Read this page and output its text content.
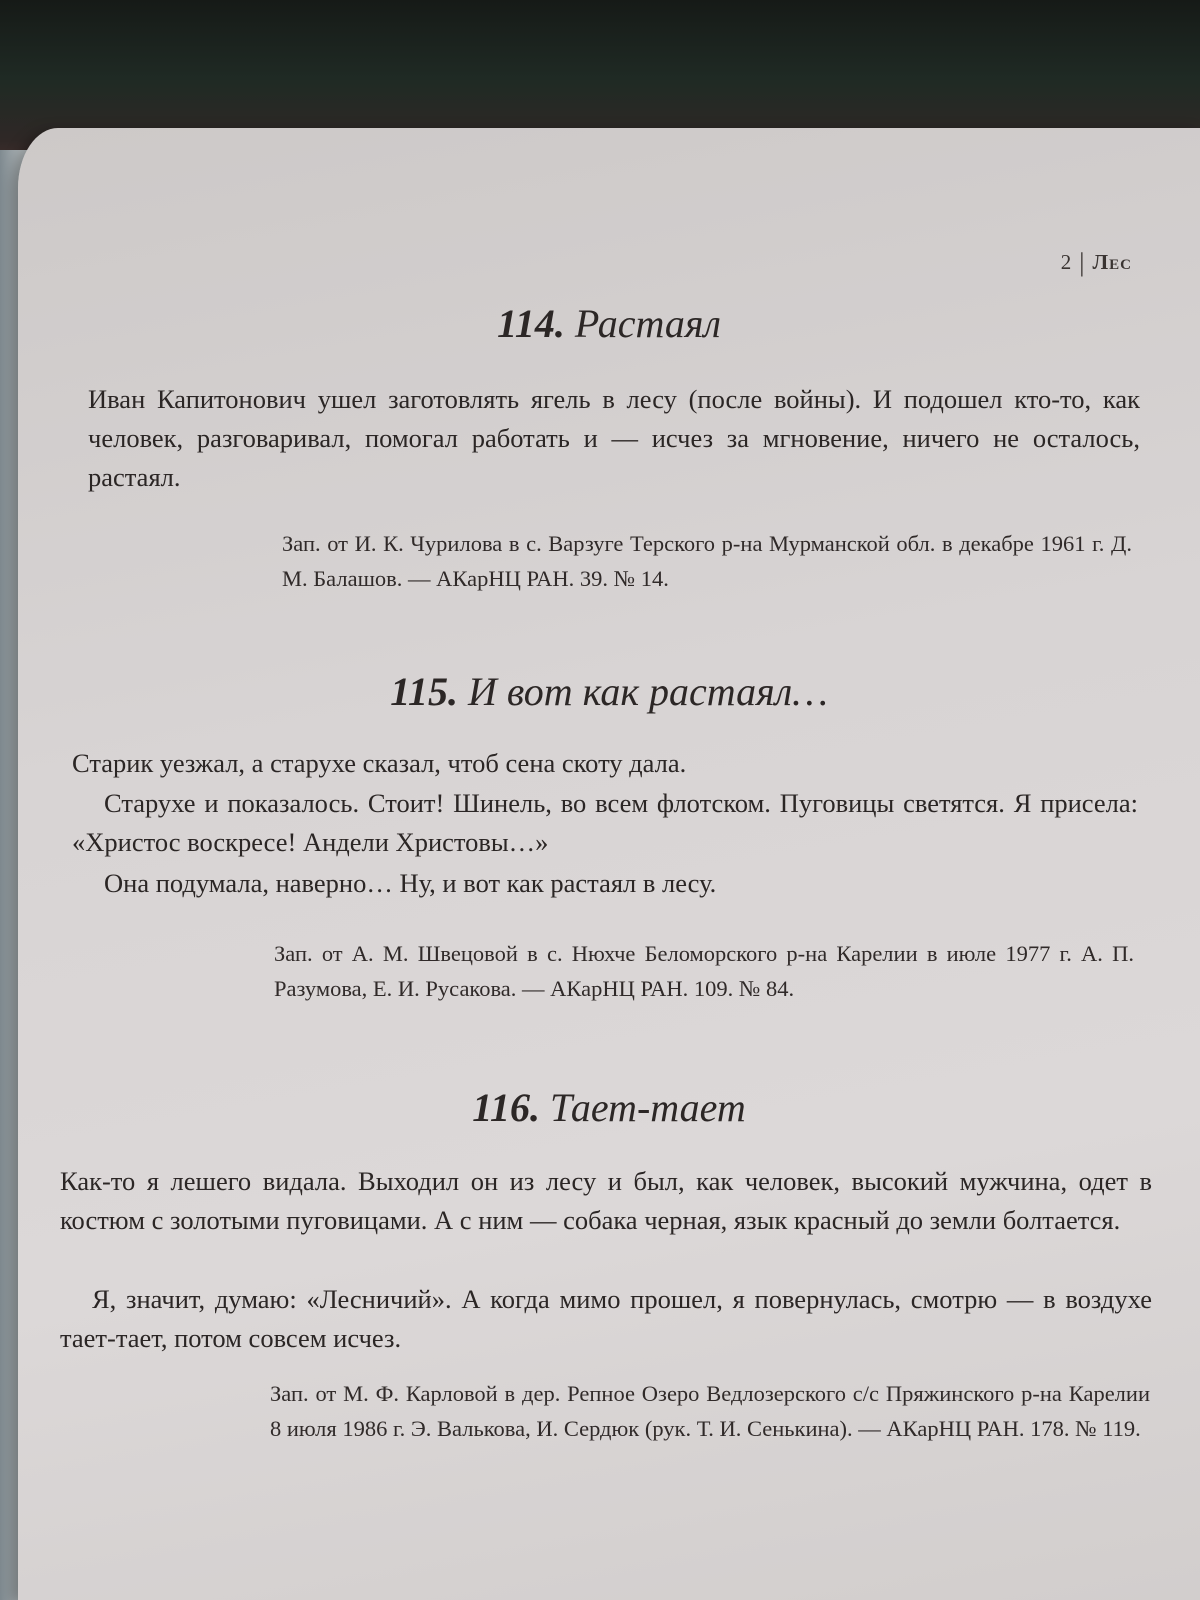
2 | Лес
114. Растаял
Иван Капитонович ушел заготовлять ягель в лесу (после войны). И подошел кто-то, как человек, разговаривал, помогал работать и — исчез за мгновение, ничего не осталось, растаял.
Зап. от И. К. Чурилова в с. Варзуге Терского р-на Мурманской обл. в декабре 1961 г. Д. М. Балашов. — АКарНЦ РАН. 39. № 14.
115. И вот как растаял…
Старик уезжал, а старухе сказал, чтоб сена скоту дала.
Старухе и показалось. Стоит! Шинель, во всем флотском. Пуговицы светятся. Я присела: «Христос воскресе! Андели Христовы…»
Она подумала, наверно… Ну, и вот как растаял в лесу.
Зап. от А. М. Швецовой в с. Нюхче Беломорского р-на Карелии в июле 1977 г. А. П. Разумова, Е. И. Русакова. — АКарНЦ РАН. 109. № 84.
116. Тает-тает
Как-то я лешего видала. Выходил он из лесу и был, как человек, высокий мужчина, одет в костюм с золотыми пуговицами. А с ним — собака черная, язык красный до земли болтается.
Я, значит, думаю: «Лесничий». А когда мимо прошел, я повернулась, смотрю — в воздухе тает-тает, потом совсем исчез.
Зап. от М. Ф. Карловой в дер. Репное Озеро Ведлозерского с/с Пряжинского р-на Карелии 8 июля 1986 г. Э. Валькова, И. Сердюк (рук. Т. И. Сенькина). — АКарНЦ РАН. 178. № 119.
